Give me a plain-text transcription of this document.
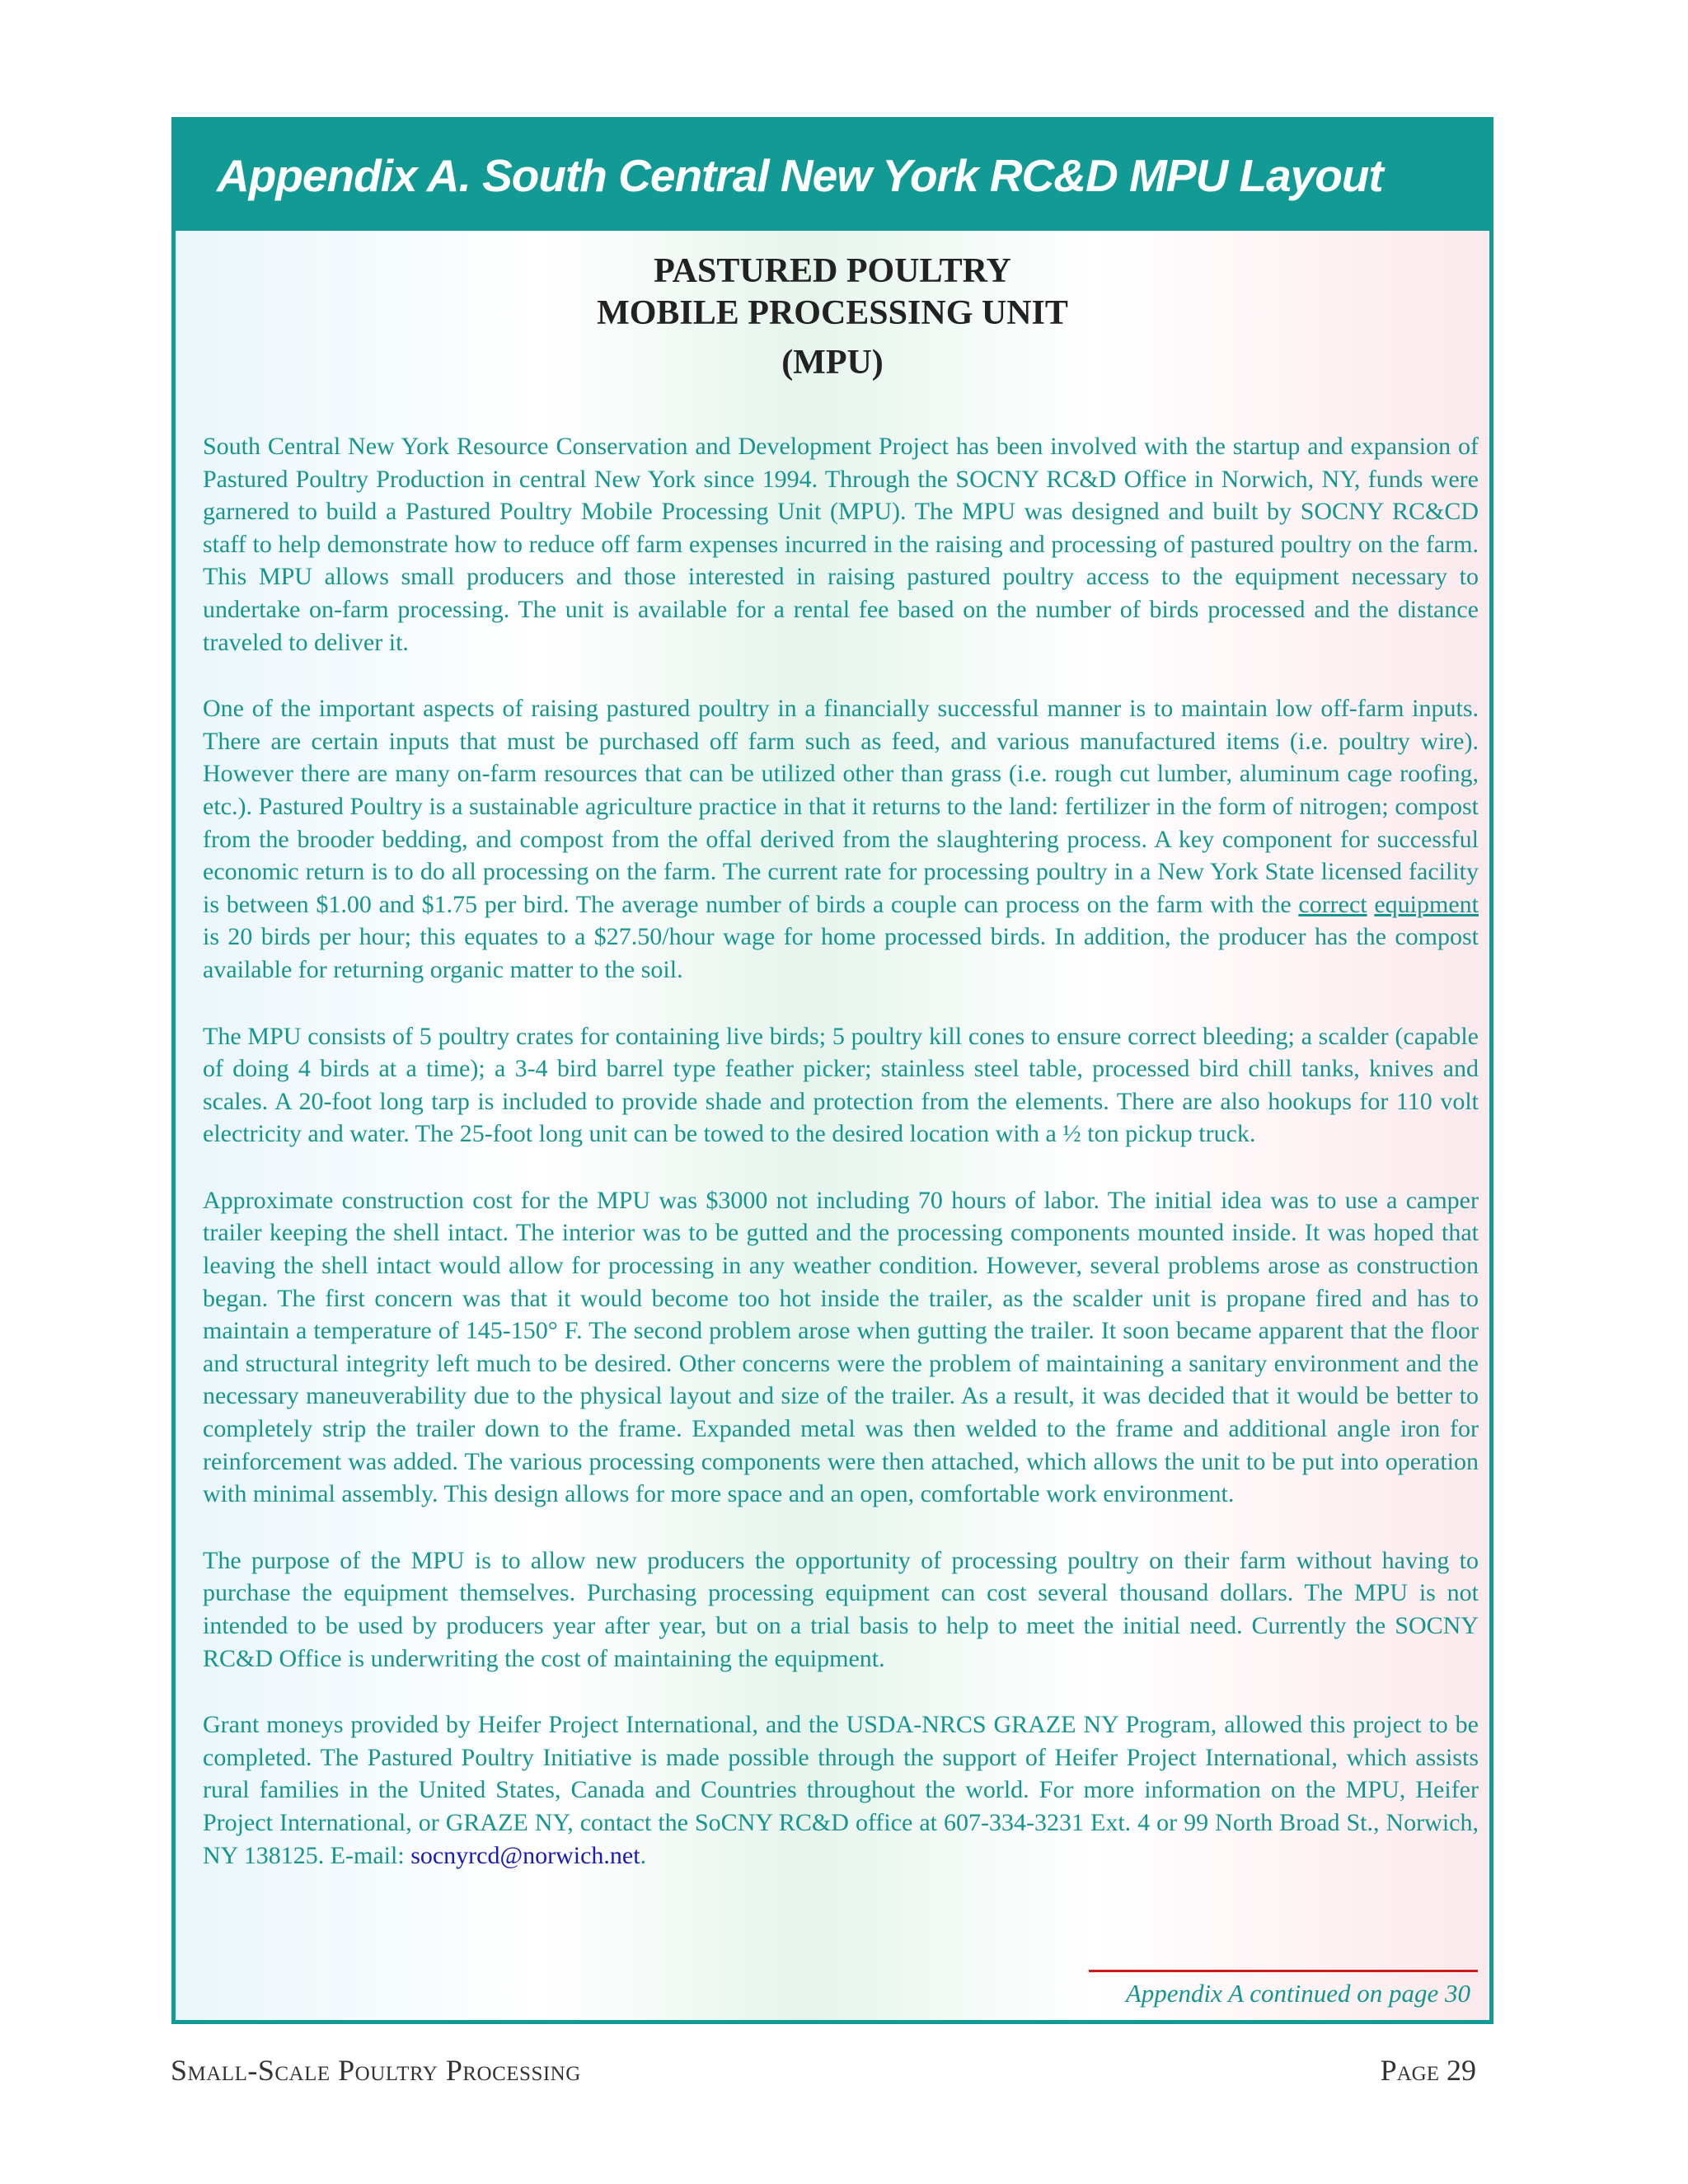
Appendix A. South Central New York RC&D MPU Layout
PASTURED POULTRY
MOBILE PROCESSING UNIT
(MPU)

South Central New York Resource Conservation and Development Project has been involved with the startup and expansion of Pastured Poultry Production in central New York since 1994. Through the SOCNY RC&D Office in Norwich, NY, funds were garnered to build a Pastured Poultry Mobile Processing Unit (MPU). The MPU was designed and built by SOCNY RC&CD staff to help demonstrate how to reduce off farm expenses incurred in the raising and processing of pastured poultry on the farm. This MPU allows small producers and those interested in raising pastured poultry access to the equipment necessary to undertake on-farm processing. The unit is available for a rental fee based on the number of birds processed and the distance traveled to deliver it.

One of the important aspects of raising pastured poultry in a financially successful manner is to maintain low off-farm inputs. There are certain inputs that must be purchased off farm such as feed, and various manufactured items (i.e. poultry wire). However there are many on-farm resources that can be utilized other than grass (i.e. rough cut lumber, aluminum cage roofing, etc.). Pastured Poultry is a sustainable agriculture practice in that it returns to the land: fertilizer in the form of nitrogen; compost from the brooder bedding, and compost from the offal derived from the slaughtering process. A key component for successful economic return is to do all processing on the farm. The current rate for processing poultry in a New York State licensed facility is between $1.00 and $1.75 per bird. The average number of birds a couple can process on the farm with the correct equipment is 20 birds per hour; this equates to a $27.50/hour wage for home processed birds. In addition, the producer has the compost available for returning organic matter to the soil.

The MPU consists of 5 poultry crates for containing live birds; 5 poultry kill cones to ensure correct bleeding; a scalder (capable of doing 4 birds at a time); a 3-4 bird barrel type feather picker; stainless steel table, processed bird chill tanks, knives and scales. A 20-foot long tarp is included to provide shade and protection from the elements. There are also hookups for 110 volt electricity and water. The 25-foot long unit can be towed to the desired location with a ½ ton pickup truck.

Approximate construction cost for the MPU was $3000 not including 70 hours of labor. The initial idea was to use a camper trailer keeping the shell intact. The interior was to be gutted and the processing components mounted inside. It was hoped that leaving the shell intact would allow for processing in any weather condition. However, several problems arose as construction began. The first concern was that it would become too hot inside the trailer, as the scalder unit is propane fired and has to maintain a temperature of 145-150° F. The second problem arose when gutting the trailer. It soon became apparent that the floor and structural integrity left much to be desired. Other concerns were the problem of maintaining a sanitary environment and the necessary maneuverability due to the physical layout and size of the trailer. As a result, it was decided that it would be better to completely strip the trailer down to the frame. Expanded metal was then welded to the frame and additional angle iron for reinforcement was added. The various processing components were then attached, which allows the unit to be put into operation with minimal assembly. This design allows for more space and an open, comfortable work environment.

The purpose of the MPU is to allow new producers the opportunity of processing poultry on their farm without having to purchase the equipment themselves. Purchasing processing equipment can cost several thousand dollars. The MPU is not intended to be used by producers year after year, but on a trial basis to help to meet the initial need. Currently the SOCNY RC&D Office is underwriting the cost of maintaining the equipment.

Grant moneys provided by Heifer Project International, and the USDA-NRCS GRAZE NY Program, allowed this project to be completed. The Pastured Poultry Initiative is made possible through the support of Heifer Project International, which assists rural families in the United States, Canada and Countries throughout the world. For more information on the MPU, Heifer Project International, or GRAZE NY, contact the SoCNY RC&D office at 607-334-3231 Ext. 4 or 99 North Broad St., Norwich, NY 138125. E-mail: socnyrcd@norwich.net.

Appendix A continued on page 30
Small-Scale Poultry Processing	Page 29
